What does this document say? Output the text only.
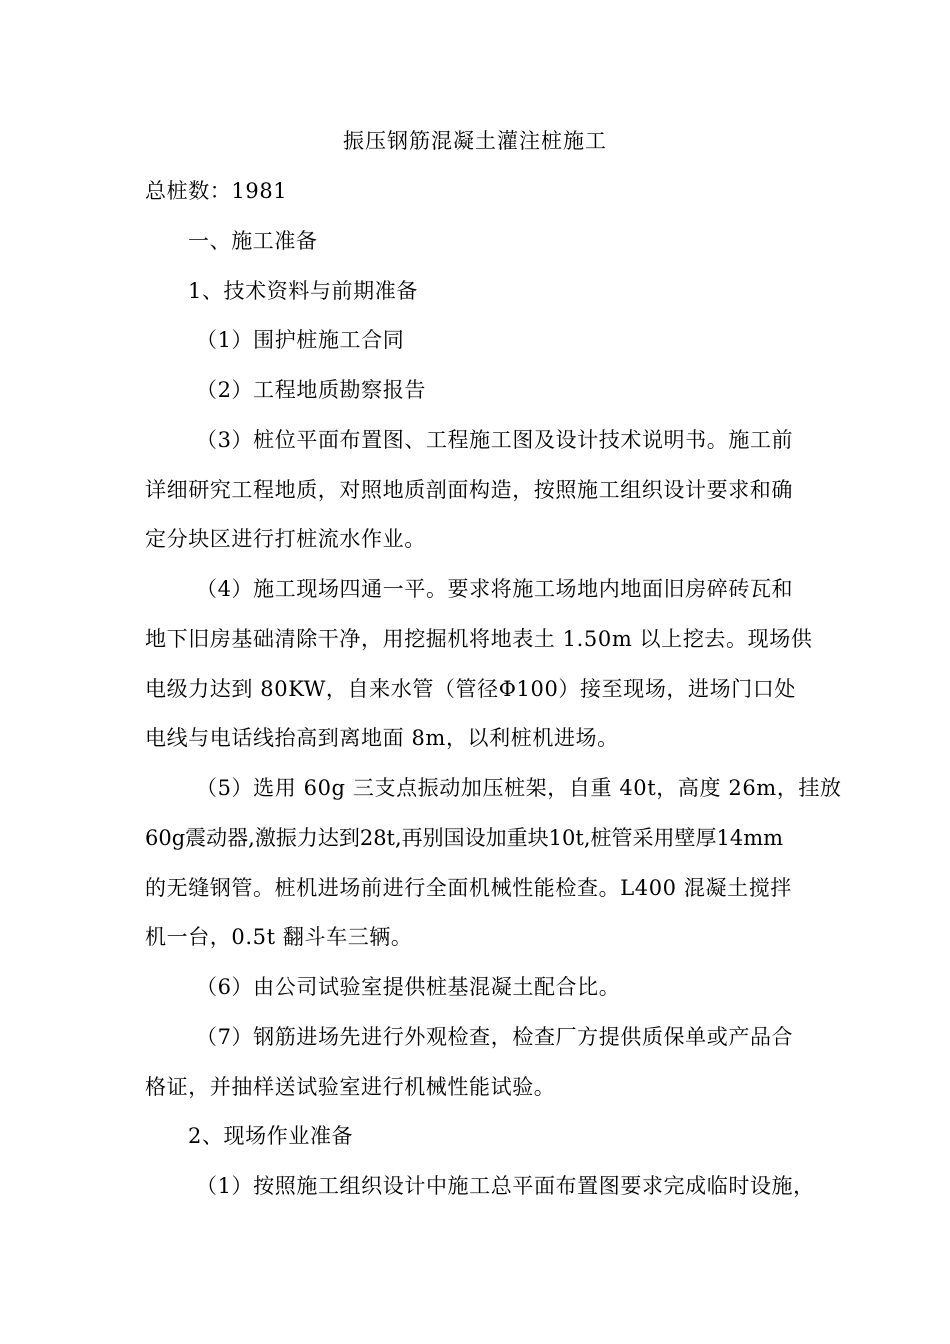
振压钢筋混凝土灌注桩施工
总桩数：1981
一、施工准备
1、技术资料与前期准备
（1）围护桩施工合同
（2）工程地质勘察报告
（3）桩位平面布置图、工程施工图及设计技术说明书。施工前
详细研究工程地质，对照地质剖面构造，按照施工组织设计要求和确
定分块区进行打桩流水作业。
（4）施工现场四通一平。要求将施工场地内地面旧房碎砖瓦和
地下旧房基础清除干净，用挖掘机将地表土 1.50m 以上挖去。现场供
电级力达到 80KW，自来水管（管径Φ100）接至现场，进场门口处
电线与电话线抬高到离地面 8m，以利桩机进场。
（5）选用 60g 三支点振动加压桩架，自重 40t，高度 26m，挂放
60g震动器,激振力达到28t,再别国设加重块10t,桩管采用壁厚14mm
的无缝钢管。桩机进场前进行全面机械性能检查。L400 混凝土搅拌
机一台，0.5t 翻斗车三辆。
（6）由公司试验室提供桩基混凝土配合比。
（7）钢筋进场先进行外观检查，检查厂方提供质保单或产品合
格证，并抽样送试验室进行机械性能试验。
2、现场作业准备
（1）按照施工组织设计中施工总平面布置图要求完成临时设施，
